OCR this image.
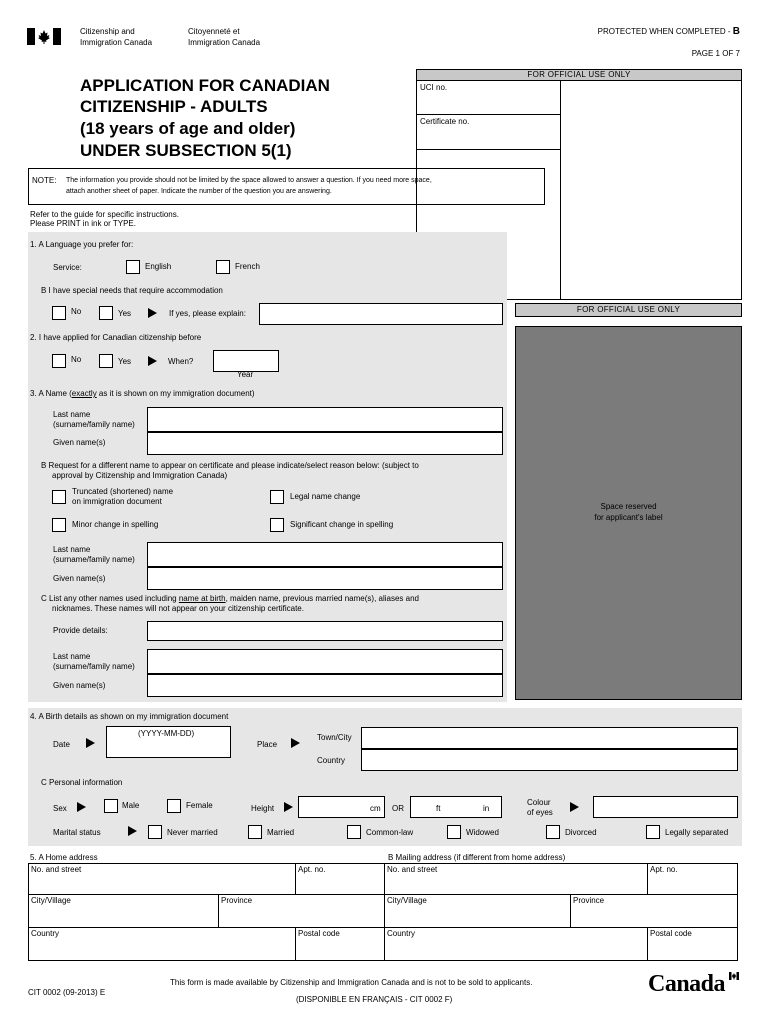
Citizenship and
Immigration Canada
Citoyenneté et
Immigration Canada
PROTECTED WHEN COMPLETED - B
PAGE 1 OF 7
APPLICATION FOR CANADIAN
CITIZENSHIP - ADULTS
(18 years of age and older)
UNDER SUBSECTION 5(1)
FOR OFFICIAL USE ONLY
UCI no.
Certificate no.
NOTE: The information you provide should not be limited by the space allowed to answer a question. If you need more space,
attach another sheet of paper. Indicate the number of the question you are answering.
Refer to the guide for specific instructions.
Please PRINT in ink or TYPE.
FOR OFFICIAL USE ONLY
Space reserved
for applicant's label
1. A Language you prefer for:
Service:	English	French
B I have special needs that require accommodation
No	Yes	If yes, please explain:
2. I have applied for Canadian citizenship before
No	Yes	When?
Year
3. A Name (exactly as it is shown on my immigration document)
Last name
(surname/family name)
Given name(s)
B Request for a different name to appear on certificate and please indicate/select reason below: (subject to
approval by Citizenship and Immigration Canada)
Truncated (shortened) name
on immigration document
Legal name change
Minor change in spelling	Significant change in spelling
Last name
(surname/family name)
Given name(s)
C List any other names used including name at birth, maiden name, previous married name(s), aliases and
nicknames. These names will not appear on your citizenship certificate.
Provide details:
Last name
(surname/family name)
Given name(s)
4. A Birth details as shown on my immigration document
Date
(YYYY-MM-DD)
Place
Town/City
Country
C Personal information
Sex	Male	Female	Height	cm OR	ft	in
Colour
of eyes
Marital status	Never married	Married	Common-law	Widowed	Divorced	Legally separated
5. A Home address	B Mailing address (if different from home address)
No. and street	Apt. no.
City/Village	Province
Country	Postal code
No. and street	Apt. no.
City/Village	Province
Country	Postal code
CIT 0002 (09-2013) E
This form is made available by Citizenship and Immigration Canada and is not to be sold to applicants.
(DISPONIBLE EN FRANÇAIS - CIT 0002 F)
Canada
